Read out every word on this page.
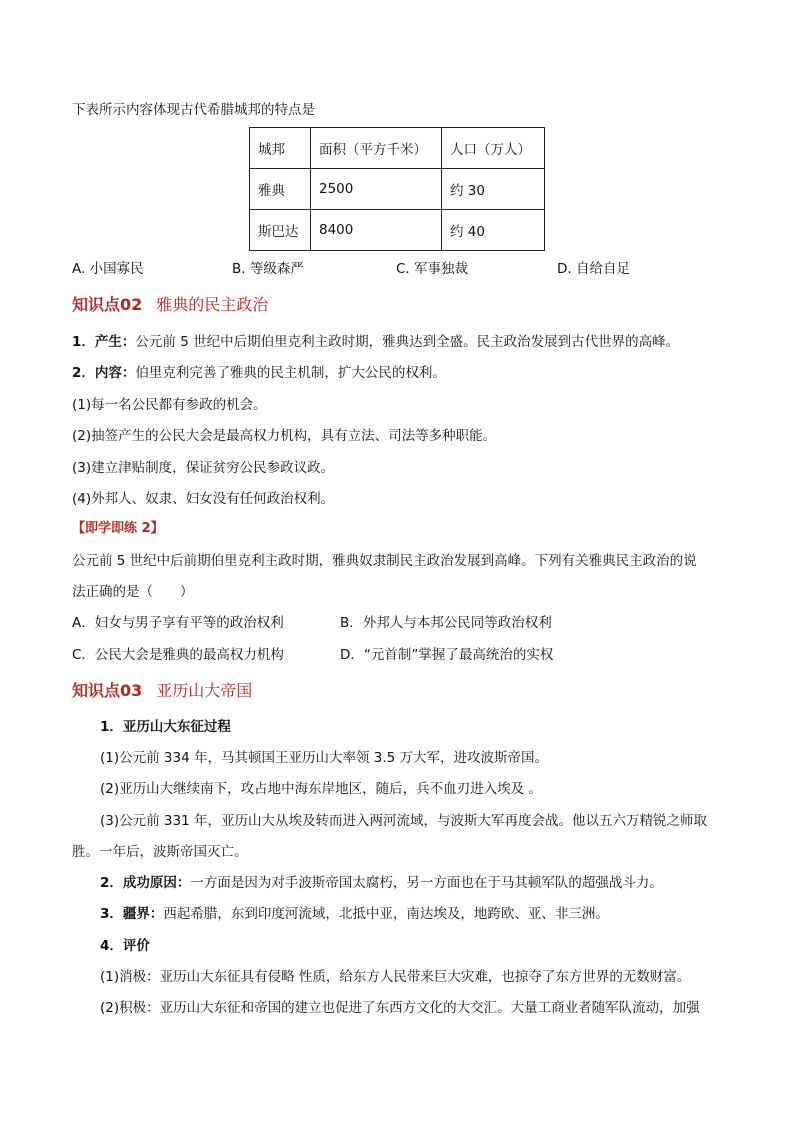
下表所示内容体现古代希腊城邦的特点是
城邦	面积（平方千米）	人口（万人）
雅典	2500	约 30
斯巴达	8400	约 40
A. 小国寡民	B. 等级森严	C. 军事独裁	D. 自给自足
知识点02 雅典的民主政治
1．产生：公元前 5 世纪中后期伯里克利主政时期，雅典达到全盛。民主政治发展到古代世界的高峰。
2．内容：伯里克利完善了雅典的民主机制，扩大公民的权利。
(1)每一名公民都有参政的机会。
(2)抽签产生的公民大会是最高权力机构，具有立法、司法等多种职能。
(3)建立津贴制度，保证贫穷公民参政议政。
(4)外邦人、奴隶、妇女没有任何政治权利。
【即学即练 2】
公元前 5 世纪中后前期伯里克利主政时期，雅典奴隶制民主政治发展到高峰。下列有关雅典民主政治的说
法正确的是（　　）
A．妇女与男子享有平等的政治权利	B．外邦人与本邦公民同等政治权利
C．公民大会是雅典的最高权力机构	D．“元首制”掌握了最高统治的实权
知识点03 亚历山大帝国
1．亚历山大东征过程
(1)公元前 334 年，马其顿国王亚历山大率领 3.5 万大军，进攻波斯帝国。
(2)亚历山大继续南下，攻占地中海东岸地区，随后，兵不血刃进入埃及 。
(3)公元前 331 年，亚历山大从埃及转而进入两河流域，与波斯大军再度会战。他以五六万精锐之师取
胜。一年后，波斯帝国灭亡。
2．成功原因：一方面是因为对手波斯帝国太腐朽，另一方面也在于马其顿军队的超强战斗力。
3．疆界：西起希腊，东到印度河流域，北抵中亚，南达埃及，地跨欧、亚、非三洲。
4．评价
(1)消极：亚历山大东征具有侵略 性质，给东方人民带来巨大灾难，也掠夺了东方世界的无数财富。
(2)积极：亚历山大东征和帝国的建立也促进了东西方文化的大交汇。大量工商业者随军队流动，加强
